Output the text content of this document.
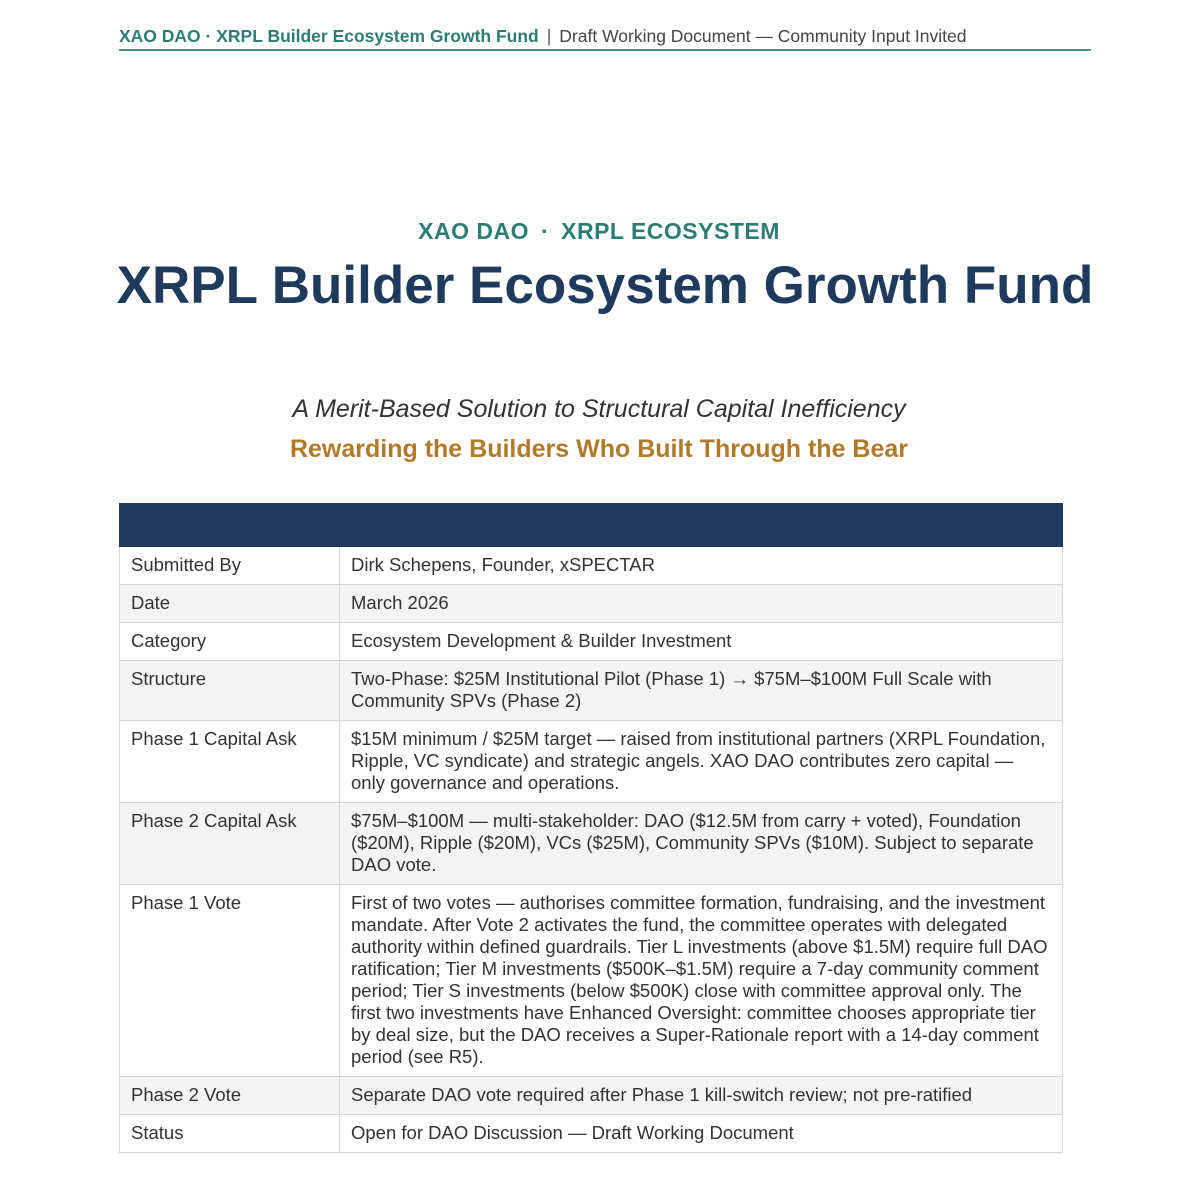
XAO DAO · XRPL Builder Ecosystem Growth Fund | Draft Working Document — Community Input Invited
XAO DAO · XRPL ECOSYSTEM
XRPL Builder Ecosystem Growth Fund
A Merit-Based Solution to Structural Capital Inefficiency
Rewarding the Builders Who Built Through the Bear

Submitted By	Dirk Schepens, Founder, xSPECTAR
Date	March 2026
Category	Ecosystem Development & Builder Investment
Structure	Two-Phase: $25M Institutional Pilot (Phase 1) → $75M–$100M Full Scale with Community SPVs (Phase 2)
Phase 1 Capital Ask	$15M minimum / $25M target — raised from institutional partners (XRPL Foundation, Ripple, VC syndicate) and strategic angels. XAO DAO contributes zero capital — only governance and operations.
Phase 2 Capital Ask	$75M–$100M — multi-stakeholder: DAO ($12.5M from carry + voted), Foundation ($20M), Ripple ($20M), VCs ($25M), Community SPVs ($10M). Subject to separate DAO vote.
Phase 1 Vote	First of two votes — authorises committee formation, fundraising, and the investment mandate. After Vote 2 activates the fund, the committee operates with delegated authority within defined guardrails. Tier L investments (above $1.5M) require full DAO ratification; Tier M investments ($500K–$1.5M) require a 7-day community comment period; Tier S investments (below $500K) close with committee approval only. The first two investments have Enhanced Oversight: committee chooses appropriate tier by deal size, but the DAO receives a Super-Rationale report with a 14-day comment period (see R5).
Phase 2 Vote	Separate DAO vote required after Phase 1 kill-switch review; not pre-ratified
Status	Open for DAO Discussion — Draft Working Document
